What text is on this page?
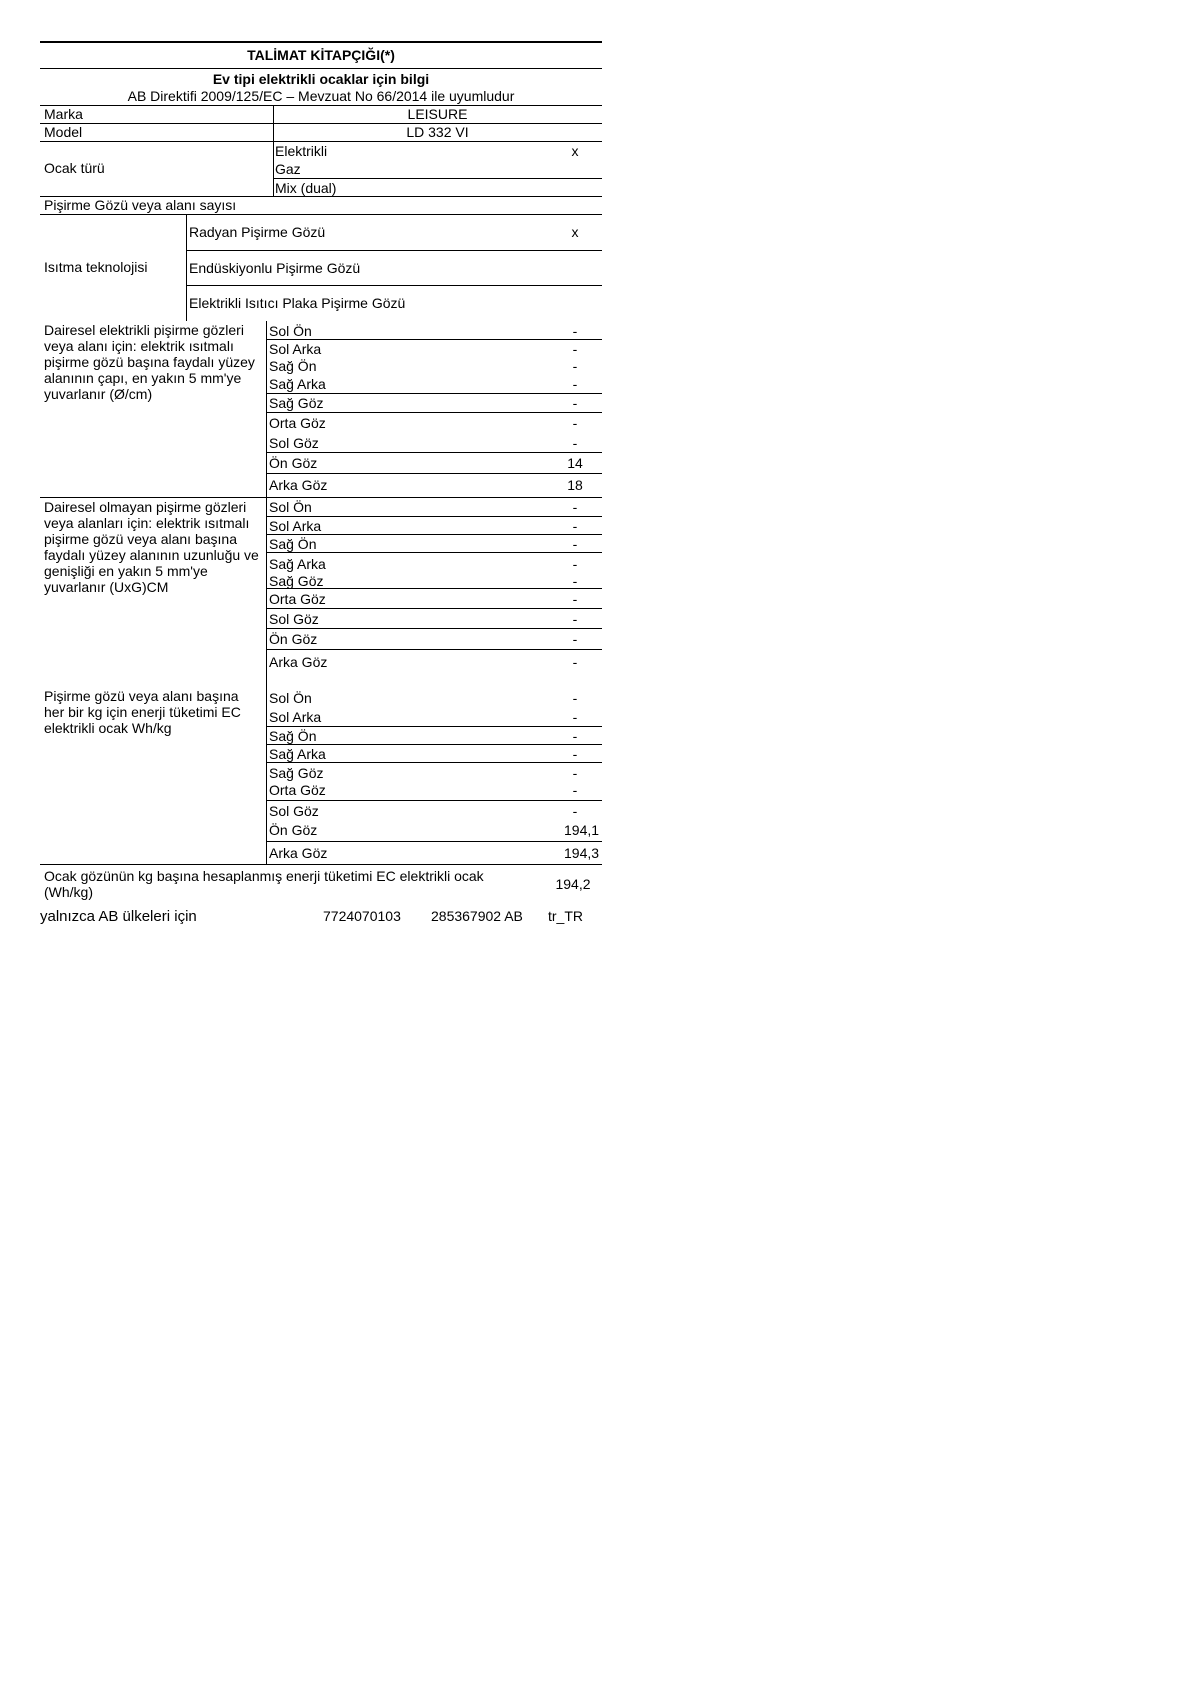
TALİMAT KİTAPÇIĞI(*)
Ev tipi elektrikli ocaklar için bilgi
AB Direktifi 2009/125/EC – Mevzuat No 66/2014 ile uyumludur
Marka	LEISURE
Model	LD 332 VI
Ocak türü
Elektrikli	x
Gaz
Mix (dual)
Pişirme Gözü veya alanı sayısı
Isıtma teknolojisi
Radyan Pişirme Gözü	x
Endüskiyonlu Pişirme Gözü
Elektrikli Isıtıcı Plaka Pişirme Gözü
Dairesel elektrikli pişirme gözleri veya alanı için: elektrik ısıtmalı pişirme gözü başına faydalı yüzey alanının çapı, en yakın 5 mm'ye yuvarlanır (Ø/cm)
Sol Ön	-
Sol Arka	-
Sağ Ön	-
Sağ Arka	-
Sağ Göz	-
Orta Göz	-
Sol Göz	-
Ön Göz	14
Arka Göz	18
Dairesel olmayan pişirme gözleri veya alanları için: elektrik ısıtmalı pişirme gözü veya alanı başına faydalı yüzey alanının uzunluğu ve genişliği en yakın 5 mm'ye yuvarlanır (UxG)CM
Sol Ön	-
Sol Arka	-
Sağ Ön	-
Sağ Arka	-
Sağ Göz	-
Orta Göz	-
Sol Göz	-
Ön Göz	-
Arka Göz	-
Pişirme gözü veya alanı başına her bir kg için enerji tüketimi EC elektrikli ocak Wh/kg
Sol Ön	-
Sol Arka	-
Sağ Ön	-
Sağ Arka	-
Sağ Göz	-
Orta Göz	-
Sol Göz	-
Ön Göz	194,1
Arka Göz	194,3
Ocak gözünün kg başına hesaplanmış enerji tüketimi EC elektrikli ocak (Wh/kg)	194,2
yalnızca AB ülkeleri için	7724070103 285367902 AB tr_TR
